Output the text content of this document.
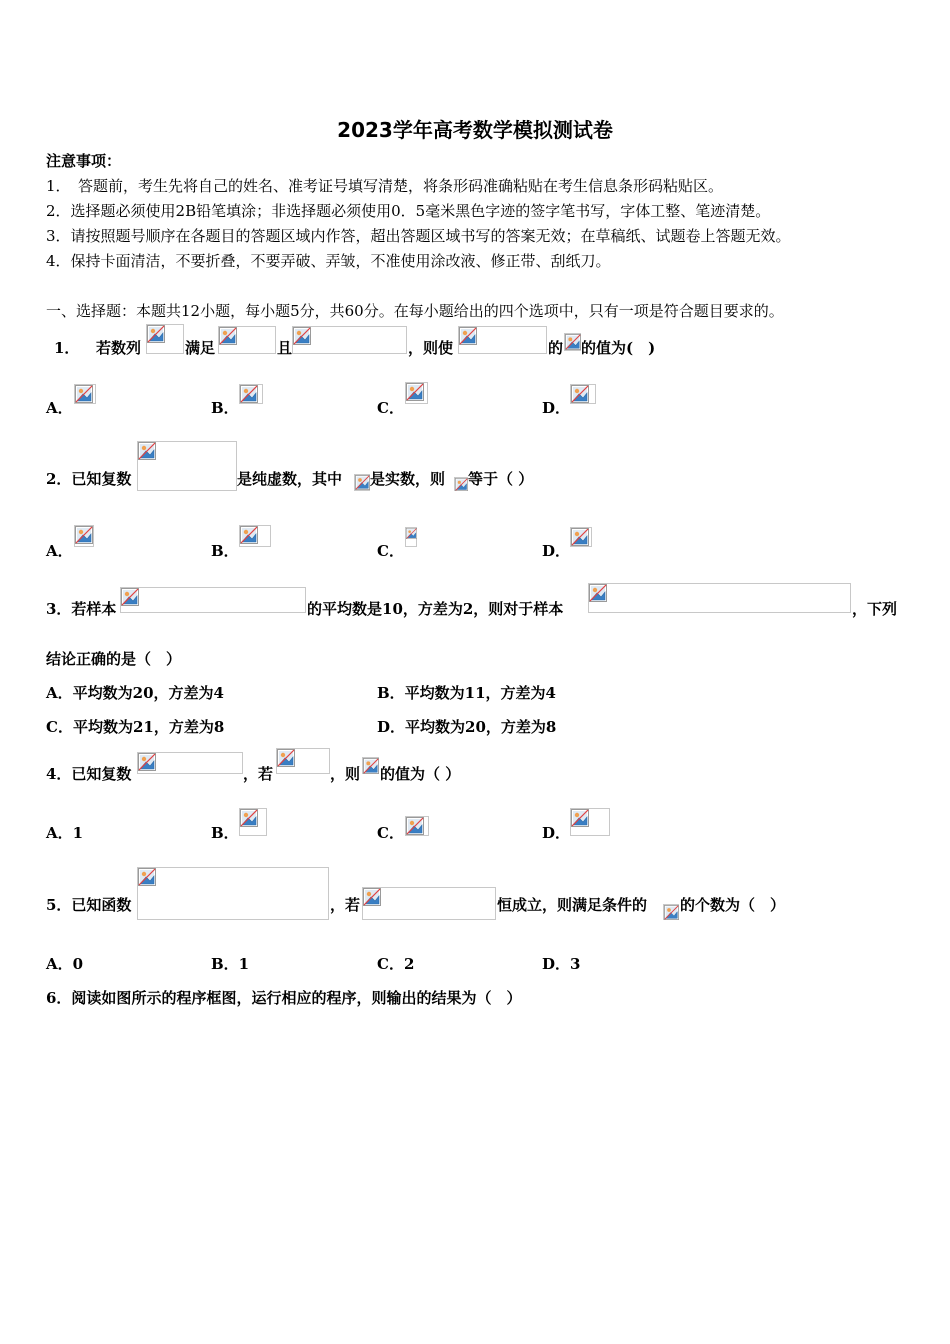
2023学年高考数学模拟测试卷
注意事项：
1．　答题前，考生先将自己的姓名、准考证号填写清楚，将条形码准确粘贴在考生信息条形码粘贴区。
2．选择题必须使用2B铅笔填涂；非选择题必须使用0．5毫米黑色字迹的签字笔书写，字体工整、笔迹清楚。
3．请按照题号顺序在各题目的答题区域内作答，超出答题区域书写的答案无效；在草稿纸、试题卷上答题无效。
4．保持卡面清洁，不要折叠，不要弄破、弄皱，不准使用涂改液、修正带、刮纸刀。
一、选择题：本题共12小题，每小题5分，共60分。在每小题给出的四个选项中，只有一项是符合题目要求的。
1． 若数列	满足	且	，则使	的 的值为(　)
A．	B．	C．	D．
2．已知复数	是纯虚数，其中 是实数，则 等于（ ）
A．	B．	C．	D．
3．若样本	的平均数是10，方差为2，则对于样本	，下列
结论正确的是（　）
A．平均数为20，方差为4	B．平均数为11，方差为4
C．平均数为21，方差为8	D．平均数为20，方差为8
4．已知复数	，若	，则 的值为（ ）
A．1	B．	C．	D．
5．已知函数	，若	恒成立，则满足条件的 的个数为（　）
A．0	B．1	C．2	D．3
6．阅读如图所示的程序框图，运行相应的程序，则输出的结果为（　）
